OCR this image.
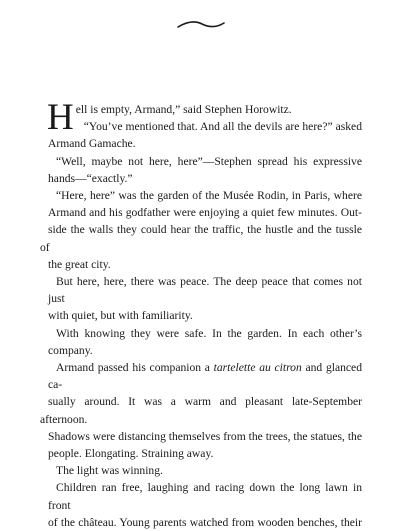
H ell is empty, Armand,” said Stephen Horowitz.

“You’ve mentioned that. And all the devils are here?” asked
Armand Gamache.

“Well, maybe not here, here”—Stephen spread his expressive
hands—“exactly.”

“Here, here” was the garden of the Musée Rodin, in Paris, where
Armand and his godfather were enjoying a quiet few minutes. Out-
side the walls they could hear the traffic, the hustle and the tussle of
the great city.

But here, here, there was peace. The deep peace that comes not just
with quiet, but with familiarity.

With knowing they were safe. In the garden. In each other’s
company.

Armand passed his companion a tartelette au citron and glanced ca-
sually around. It was a warm and pleasant late-September afternoon.
Shadows were distancing themselves from the trees, the statues, the
people. Elongating. Straining away.

The light was winning.

Children ran free, laughing and racing down the long lawn in front
of the château. Young parents watched from wooden benches, their
